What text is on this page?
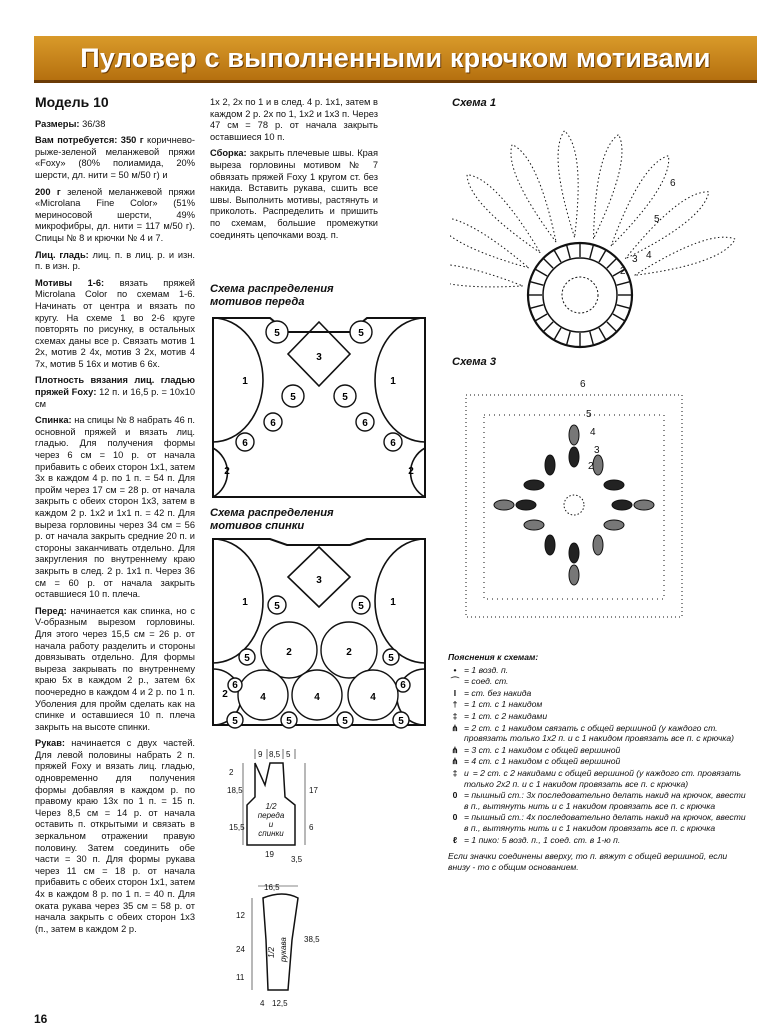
Пуловер с выполненными крючком мотивами
Модель 10

Размеры: 36/38

Вам потребуется: 350 г коричнево-рыже-зеленой меланжевой пряжи «Foxy» (80% полиамида, 20% шерсти, дл. нити = 50 м/50 г) и

200 г зеленой меланжевой пряжи «Microlana Fine Color» (51% мериносовой шерсти, 49% микрофибры, дл. нити = 117 м/50 г). Спицы № 8 и крючки № 4 и 7.

Лиц. гладь: лиц. п. в лиц. р. и изн. п. в изн. р.

Мотивы 1-6: вязать пряжей Microlana Color по схемам 1-6. Начинать от центра и вязать по кругу. На схеме 1 во 2-6 круге повторять по рисунку, в остальных схемах даны все р. Связать мотив 1 2х, мотив 2 4х, мотив 3 2х, мотив 4 7х, мотив 5 16х и мотив 6 6х.

Плотность вязания лиц. гладью пряжей Foxy: 12 п. и 16,5 р. = 10х10 см

Спинка: на спицы № 8 набрать 46 п. основной пряжей и вязать лиц. гладью. Для получения формы через 6 см = 10 р. от начала прибавить с обеих сторон 1х1, затем 3х в каждом 4 р. по 1 п. = 54 п. Для пройм через 17 см = 28 р. от начала закрыть с обеих сторон 1х3, затем в каждом 2 р. 1х2 и 1х1 п. = 42 п. Для выреза горловины через 34 см = 56 р. от начала закрыть средние 20 п. и стороны заканчивать отдельно. Для закругления по внутреннему краю закрыть в след. 2 р. 1х1 п. Через 36 см = 60 р. от начала закрыть оставшиеся 10 п. плеча.

Перед: начинается как спинка, но с V-образным вырезом горловины. Для этого через 15,5 см = 26 р. от начала работу разделить и стороны довязывать отдельно. Для формы выреза закрывать по внутреннему краю 5х в каждом 2 р., затем 6х поочередно в каждом 4 и 2 р. по 1 п. Уболения для пройм сделать как на спинке и оставшиеся 10 п. плеча закрыть на высоте спинки.

Рукав: начинается с двух частей. Для левой половины набрать 2 п. пряжей Foxy и вязать лиц. гладью, одновременно для получения формы добавляя в каждом р. по правому краю 13х по 1 п. = 15 п. Через 8,5 см = 14 р. от начала оставить п. открытыми и связать в зеркальном отражении правую половину. Затем соединить обе части = 30 п. Для формы рукава через 11 см = 18 р. от начала прибавить с обеих сторон 1х1, затем 4х в каждом 8 р. по 1 п. = 40 п. Для оката рукава через 35 см = 58 р. от начала закрыть с обеих сторон 1х3 (п., затем в каждом 2 р.

1х 2, 2х по 1 и в след. 4 р. 1х1, затем в каждом 2 р. 2х по 1, 1х2 и 1х3 п. Через 47 см = 78 р. от начала закрыть оставшиеся 10 п.

Сборка: закрыть плечевые швы. Края выреза горловины мотивом № 7 обвязать пряжей Foxy 1 кругом ст. без накида. Вставить рукава, сшить все швы. Выполнить мотивы, растянуть и приколоть. Распределить и пришить по схемам, большие промежутки соединять цепочками возд. п.

Схема распределения
мотивов переда
1	1
2	2
3
5	5
5	5
6	6
6	6
Схема распределения
мотивов спинки
1	1
2	2
2
3
4	4	4
5	5
5	5
5	5	5	5
6	6
9 8,5 5
2
18,5	17
15,5	6
19
3,5
1/2
переда
и
спинки
16,5
12
38,5
24
11
4 12,5
1/2 рукава
Схема 1
6
5
4
3
2
Схема 3
6
5
4
3
2
Пояснения к схемам:
• = 1 возд. п.
⌒ = соед. ст.
I = ст. без накида
† = 1 ст. с 1 накидом
‡ = 1 ст. с 2 накидами
⋔ = 2 ст. с 1 накидом связать с общей вершиной (у каждого ст. провязать только 1х2 п. и с 1 накидом провязать все п. с крючка)
⋔ = 3 ст. с 1 накидом с общей вершиной
⋔ = 4 ст. с 1 накидом с общей вершиной
‡ и = 2 ст. с 2 накидами с общей вершиной (у каждого ст. провязать только 2х2 п. и с 1 накидом провязать все п. с крючка)
0 = пышный ст.: 3х последовательно делать накид на крючок, ввести в п., вытянуть нить и с 1 накидом провязать все п. с крючка
0 = пышный ст.: 4х последовательно делать накид на крючок, ввести в п., вытянуть нить и с 1 накидом провязать все п. с крючка
ℓ = 1 пико: 5 возд. п., 1 соед. ст. в 1-ю п.
Если значки соединены вверху, то п. вяжут с общей вершиной, если внизу - то с общим основанием.
16
